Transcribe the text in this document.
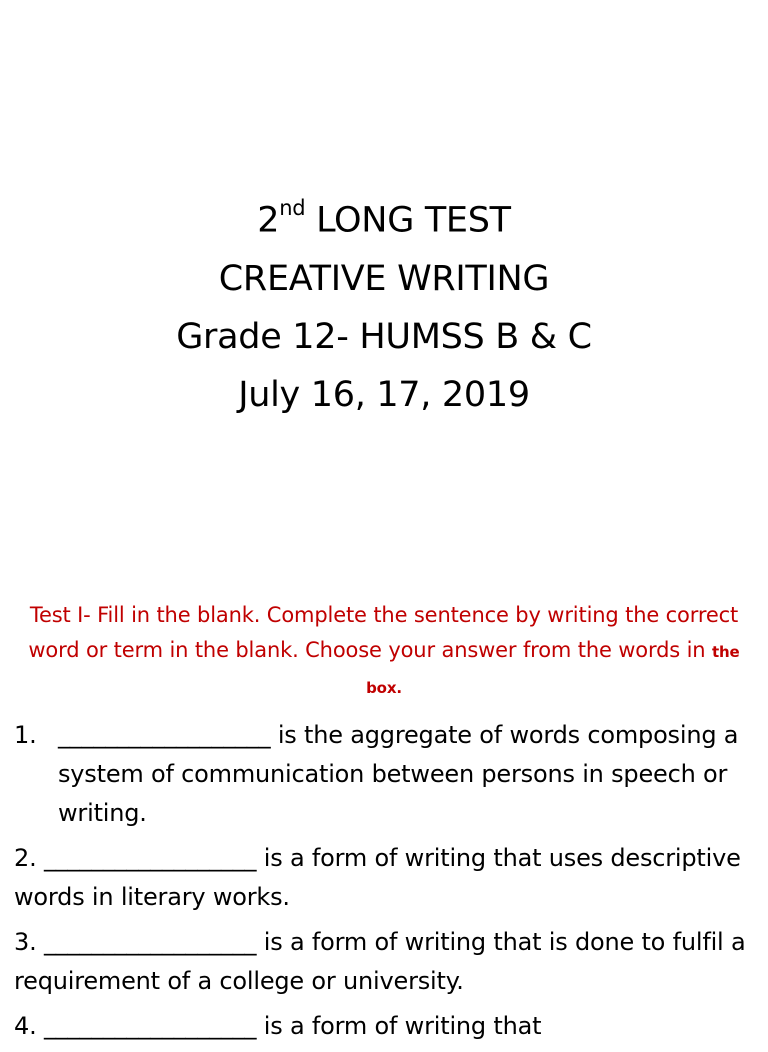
2nd LONG TEST
CREATIVE WRITING
Grade 12- HUMSS B & C
July 16, 17, 2019
Test I- Fill in the blank. Complete the sentence by writing the correct word or term in the blank. Choose your answer from the words in the box.
1. __________________ is the aggregate of words composing a system of communication between persons in speech or writing.
2. __________________ is a form of writing that uses descriptive words in literary works.
3. __________________ is a form of writing that is done to fulfil a requirement of a college or university.
4. __________________ is a form of writing that
